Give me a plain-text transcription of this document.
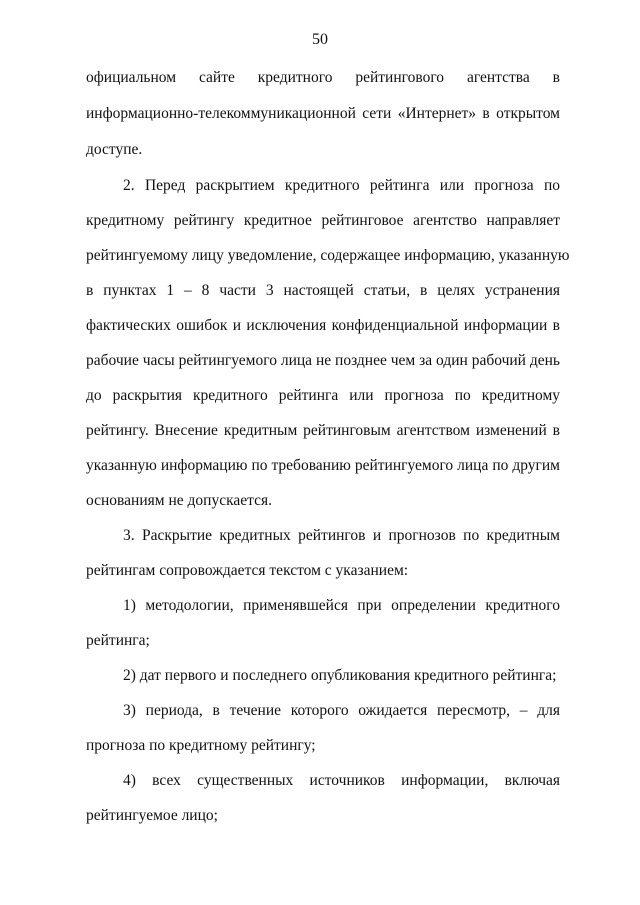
50
официальном сайте кредитного рейтингового агентства в
информационно-телекоммуникационной сети «Интернет» в открытом
доступе.
2. Перед раскрытием кредитного рейтинга или прогноза по
кредитному рейтингу кредитное рейтинговое агентство направляет
рейтингуемому лицу уведомление, содержащее информацию, указанную
в пунктах 1 – 8 части 3 настоящей статьи, в целях устранения
фактических ошибок и исключения конфиденциальной информации в
рабочие часы рейтингуемого лица не позднее чем за один рабочий день
до раскрытия кредитного рейтинга или прогноза по кредитному
рейтингу. Внесение кредитным рейтинговым агентством изменений в
указанную информацию по требованию рейтингуемого лица по другим
основаниям не допускается.
3. Раскрытие кредитных рейтингов и прогнозов по кредитным
рейтингам сопровождается текстом с указанием:
1) методологии, применявшейся при определении кредитного
рейтинга;
2) дат первого и последнего опубликования кредитного рейтинга;
3) периода, в течение которого ожидается пересмотр, – для
прогноза по кредитному рейтингу;
4) всех существенных источников информации, включая
рейтингуемое лицо;
